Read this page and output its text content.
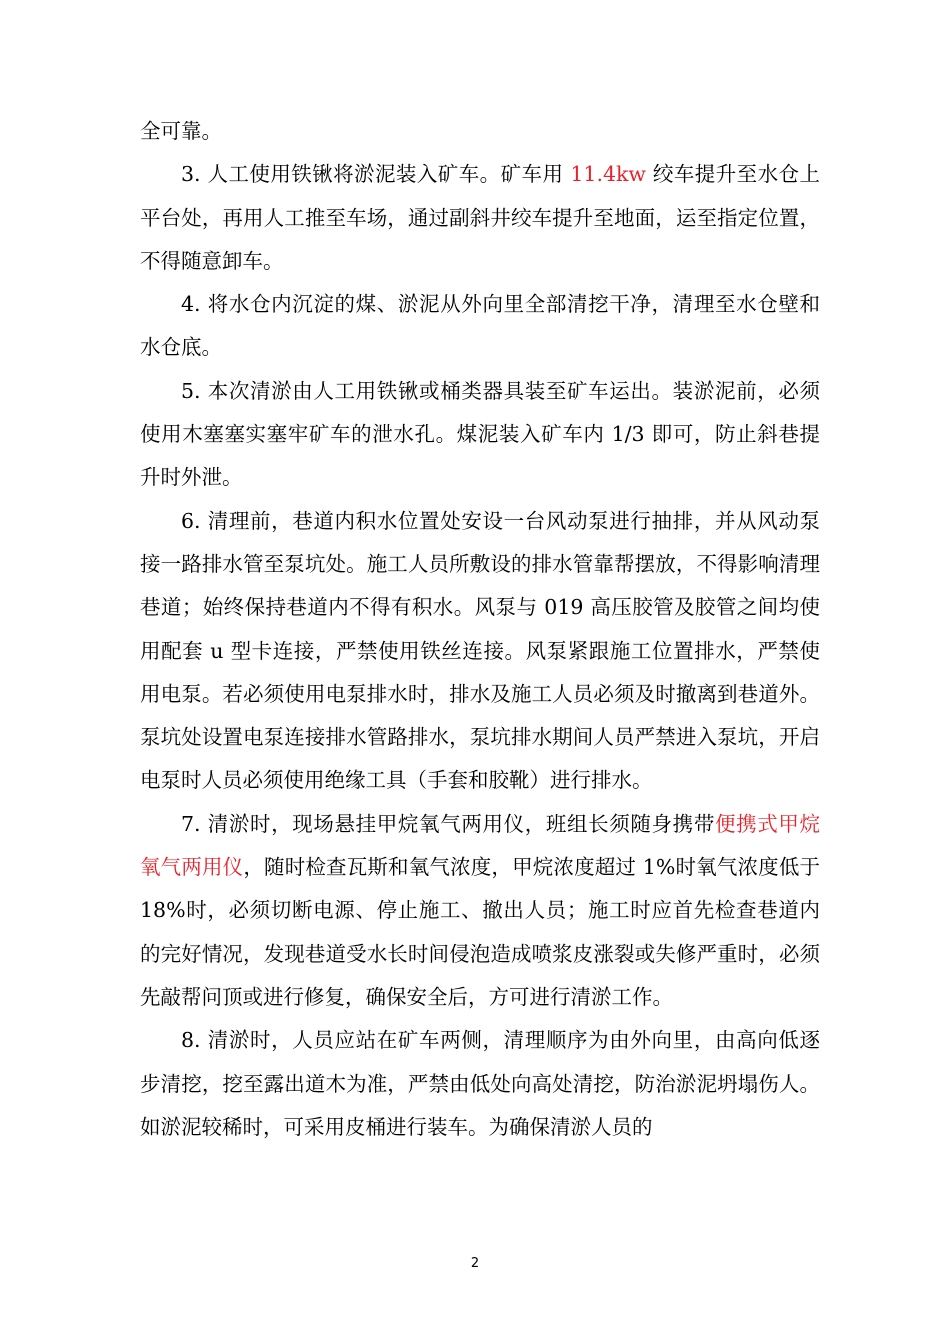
全可靠。

3. 人工使用铁锹将淤泥装入矿车。矿车用 11.4kw 绞车提升至水仓上平台处，再用人工推至车场，通过副斜井绞车提升至地面，运至指定位置，不得随意卸车。

4. 将水仓内沉淀的煤、淤泥从外向里全部清挖干净，清理至水仓壁和水仓底。

5. 本次清淤由人工用铁锹或桶类器具装至矿车运出。装淤泥前，必须使用木塞塞实塞牢矿车的泄水孔。煤泥装入矿车内 1/3 即可，防止斜巷提升时外泄。

6. 清理前，巷道内积水位置处安设一台风动泵进行抽排，并从风动泵接一路排水管至泵坑处。施工人员所敷设的排水管靠帮摆放，不得影响清理巷道；始终保持巷道内不得有积水。风泵与 019 高压胶管及胶管之间均使用配套 u 型卡连接，严禁使用铁丝连接。风泵紧跟施工位置排水，严禁使用电泵。若必须使用电泵排水时，排水及施工人员必须及时撤离到巷道外。泵坑处设置电泵连接排水管路排水，泵坑排水期间人员严禁进入泵坑，开启电泵时人员必须使用绝缘工具（手套和胶靴）进行排水。

7. 清淤时，现场悬挂甲烷氧气两用仪，班组长须随身携带便携式甲烷氧气两用仪，随时检查瓦斯和氧气浓度，甲烷浓度超过 1%时氧气浓度低于 18%时，必须切断电源、停止施工、撤出人员；施工时应首先检查巷道内的完好情况，发现巷道受水长时间侵泡造成喷浆皮涨裂或失修严重时，必须先敲帮问顶或进行修复，确保安全后，方可进行清淤工作。

8. 清淤时，人员应站在矿车两侧，清理顺序为由外向里，由高向低逐步清挖，挖至露出道木为准，严禁由低处向高处清挖，防治淤泥坍塌伤人。如淤泥较稀时，可采用皮桶进行装车。为确保清淤人员的

2
